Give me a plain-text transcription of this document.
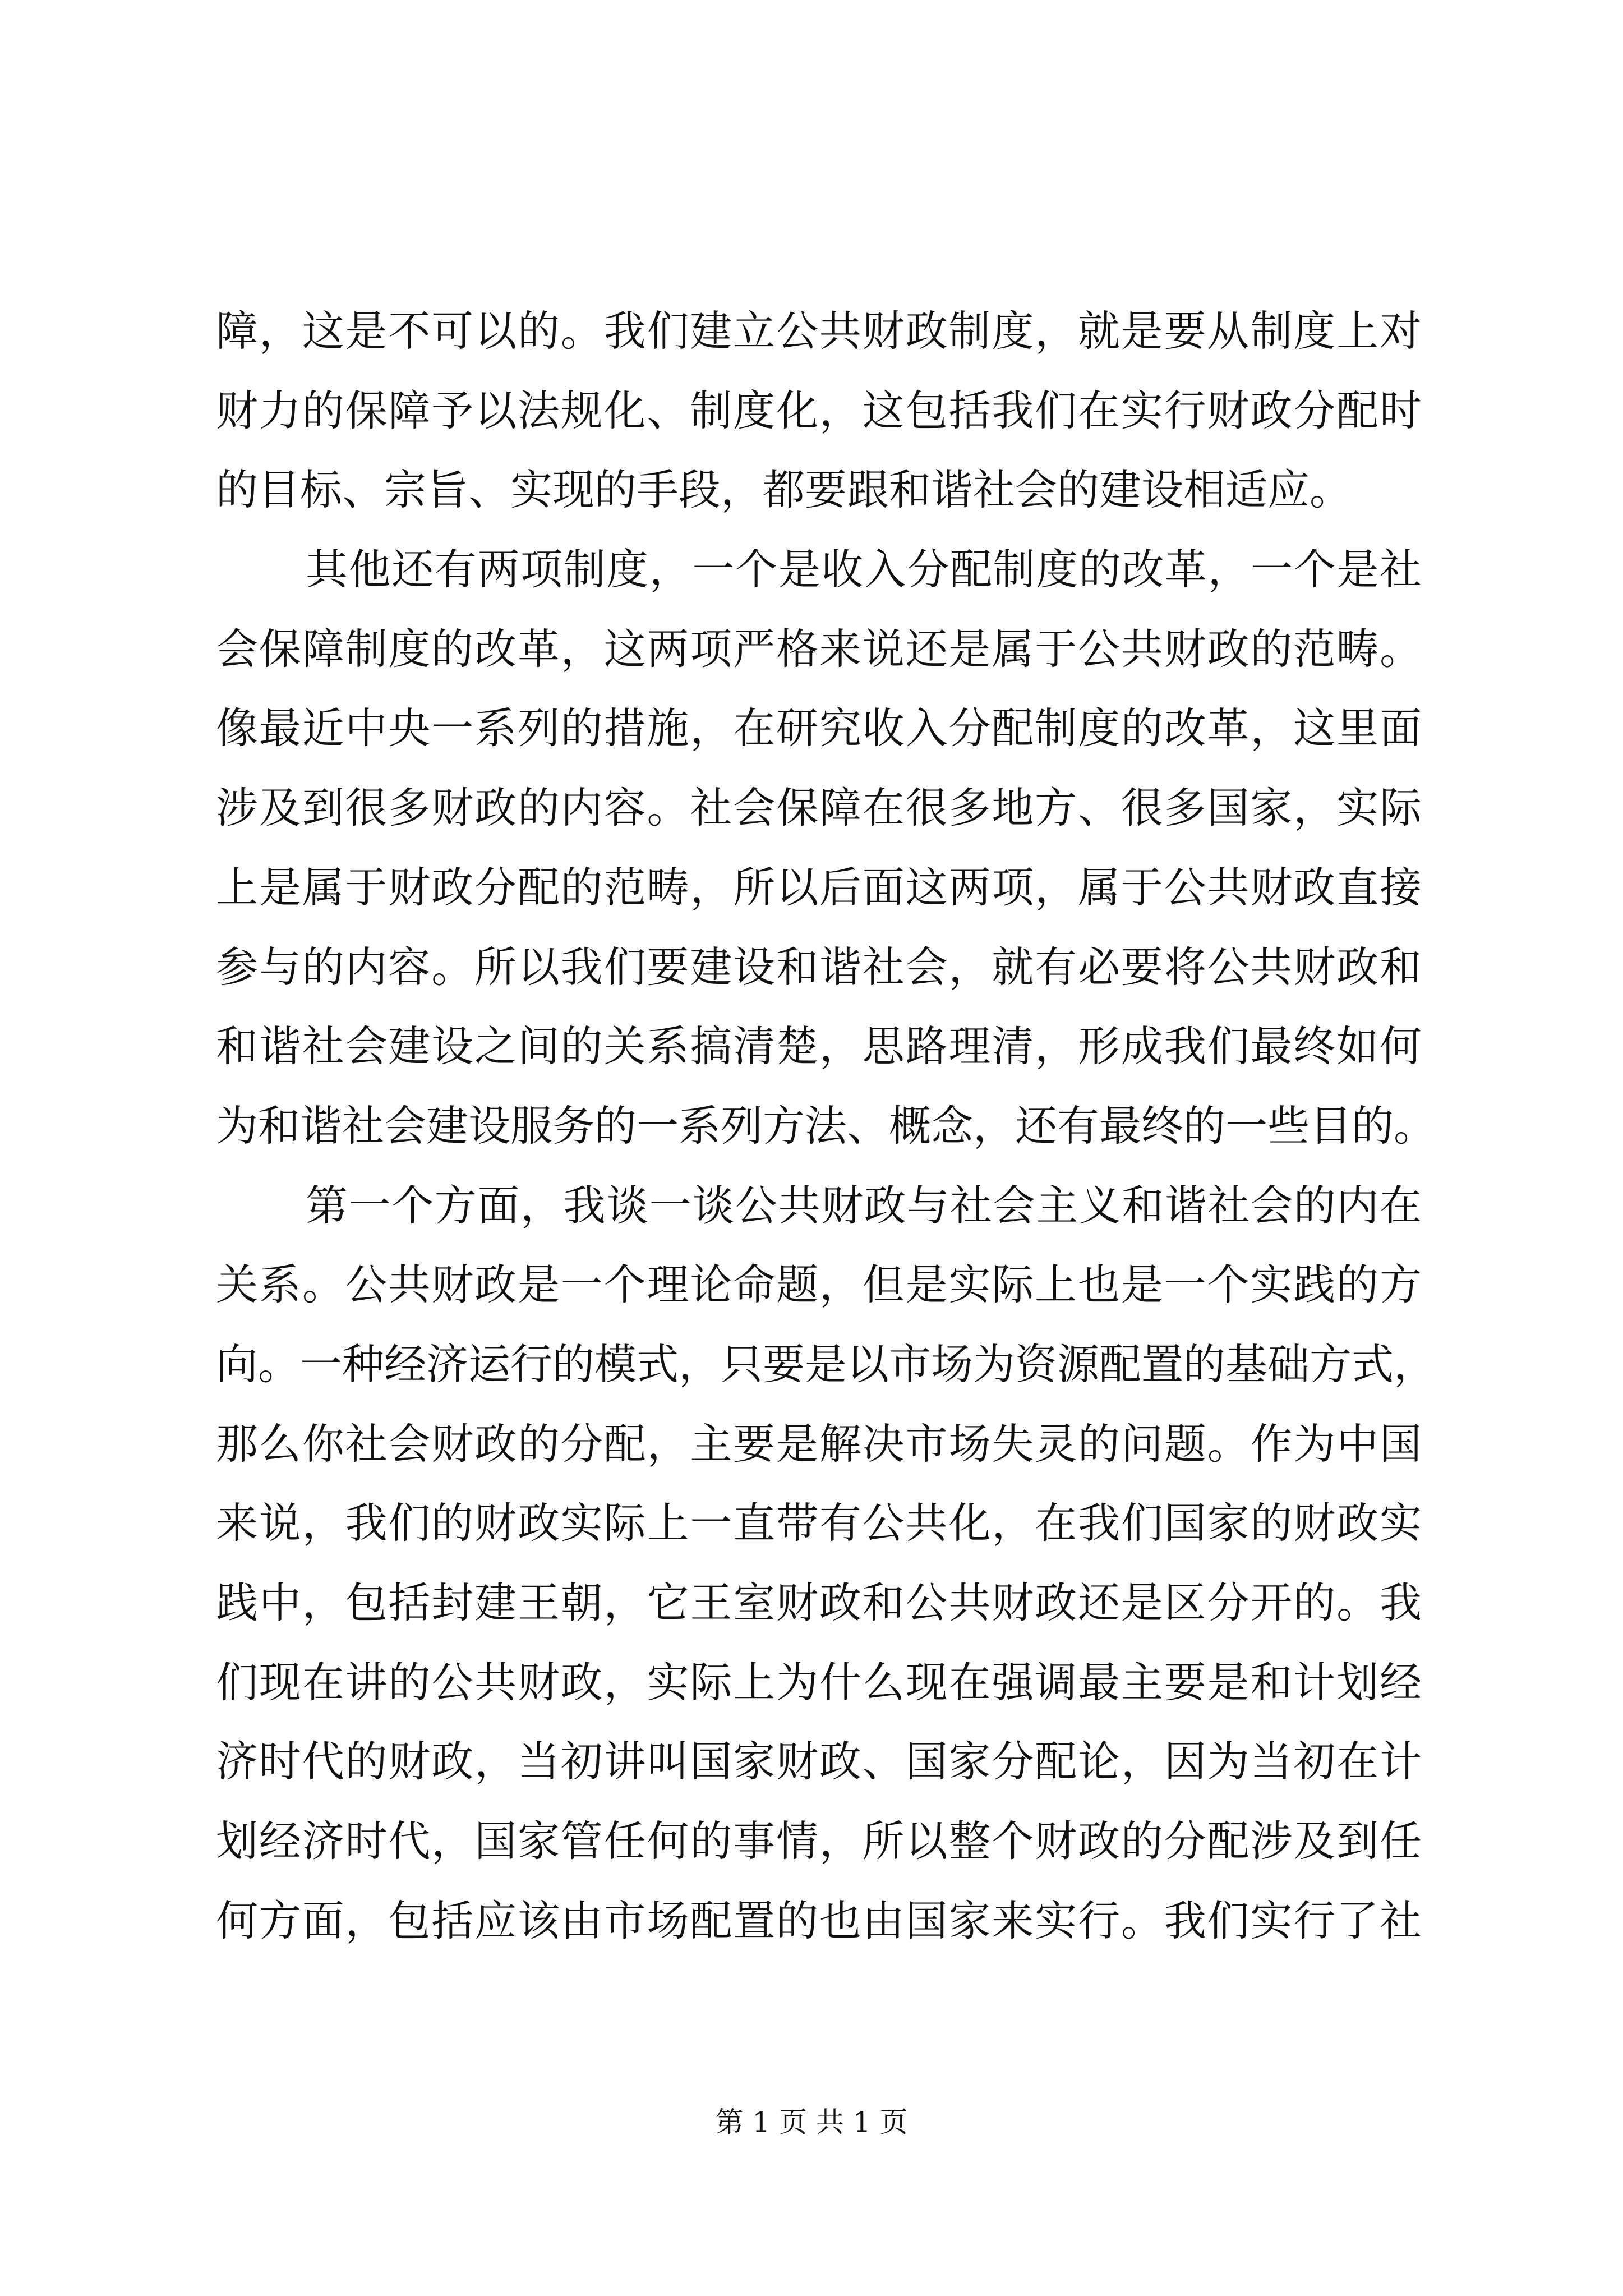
障，这是不可以的。我们建立公共财政制度，就是要从制度上对
财力的保障予以法规化、制度化，这包括我们在实行财政分配时
的目标、宗旨、实现的手段，都要跟和谐社会的建设相适应。
其他还有两项制度，一个是收入分配制度的改革，一个是社
会保障制度的改革，这两项严格来说还是属于公共财政的范畴。
像最近中央一系列的措施，在研究收入分配制度的改革，这里面
涉及到很多财政的内容。社会保障在很多地方、很多国家，实际
上是属于财政分配的范畴，所以后面这两项，属于公共财政直接
参与的内容。所以我们要建设和谐社会，就有必要将公共财政和
和谐社会建设之间的关系搞清楚，思路理清，形成我们最终如何
为和谐社会建设服务的一系列方法、概念，还有最终的一些目的。
第一个方面，我谈一谈公共财政与社会主义和谐社会的内在
关系。公共财政是一个理论命题，但是实际上也是一个实践的方
向。一种经济运行的模式，只要是以市场为资源配置的基础方式，
那么你社会财政的分配，主要是解决市场失灵的问题。作为中国
来说，我们的财政实际上一直带有公共化，在我们国家的财政实
践中，包括封建王朝，它王室财政和公共财政还是区分开的。我
们现在讲的公共财政，实际上为什么现在强调最主要是和计划经
济时代的财政，当初讲叫国家财政、国家分配论，因为当初在计
划经济时代，国家管任何的事情，所以整个财政的分配涉及到任
何方面，包括应该由市场配置的也由国家来实行。我们实行了社
第 1 页 共 1 页
